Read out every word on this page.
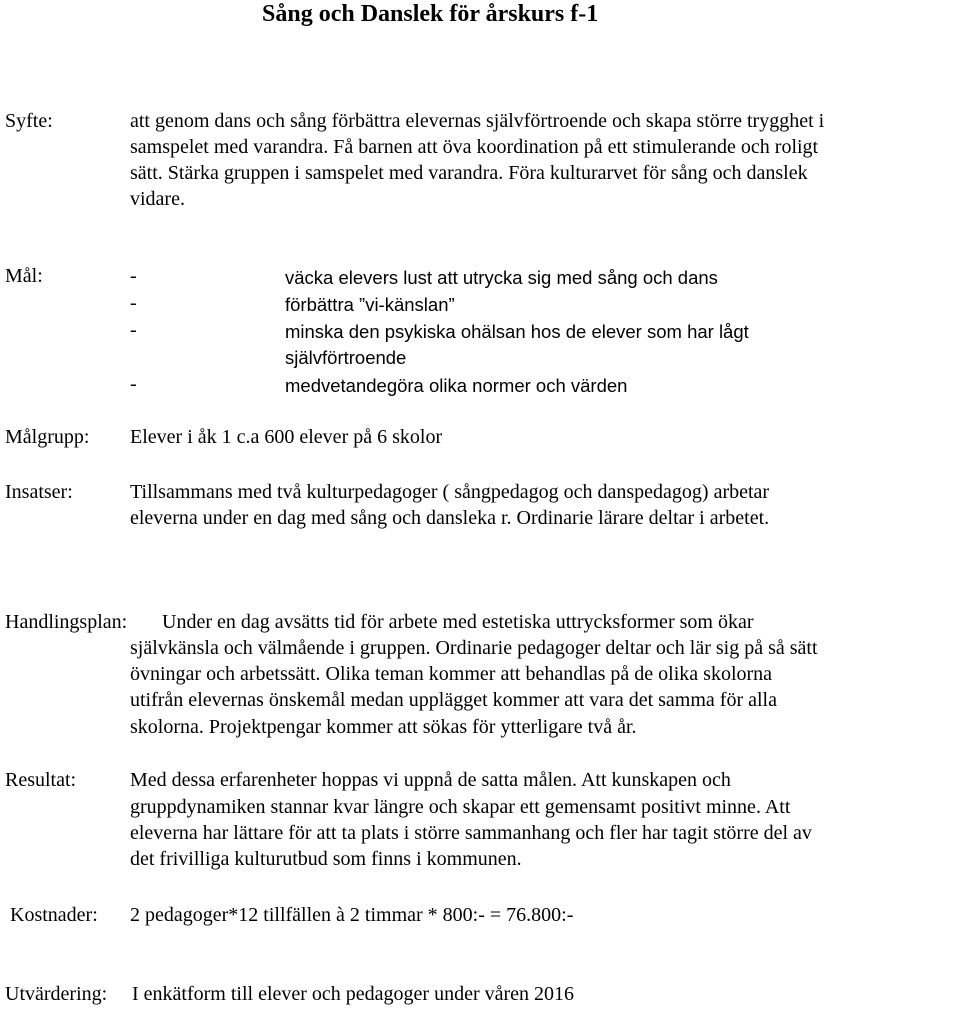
Sång och Danslek för årskurs f-1
Syfte:	att genom dans och sång förbättra elevernas självförtroende och skapa större trygghet i
samspelet med varandra. Få barnen att öva koordination på ett stimulerande och roligt
sätt. Stärka gruppen i samspelet med varandra. Föra kulturarvet för sång och danslek
vidare.
Mål:	-	väcka elevers lust att utrycka sig med sång och dans
-	förbättra ”vi-känslan”
-	minska den psykiska ohälsan hos de elever som har lågt
självförtroende
-	medvetandegöra olika normer och värden
Målgrupp: Elever i åk 1 c.a 600 elever på 6 skolor
Insatser:	Tillsammans med två kulturpedagoger ( sångpedagog och danspedagog) arbetar
eleverna under en dag med sång och dansleka r. Ordinarie lärare deltar i arbetet.
Handlingsplan: Under en dag avsätts tid för arbete med estetiska uttrycksformer som ökar
självkänsla och välmående i gruppen. Ordinarie pedagoger deltar och lär sig på så sätt
övningar och arbetssätt. Olika teman kommer att behandlas på de olika skolorna
utifrån elevernas önskemål medan upplägget kommer att vara det samma för alla
skolorna. Projektpengar kommer att sökas för ytterligare två år.
Resultat:	Med dessa erfarenheter hoppas vi uppnå de satta målen. Att kunskapen och
gruppdynamiken stannar kvar längre och skapar ett gemensamt positivt minne. Att
eleverna har lättare för att ta plats i större sammanhang och fler har tagit större del av
det frivilliga kulturutbud som finns i kommunen.
Kostnader: 2 pedagoger*12 tillfällen à 2 timmar * 800:- = 76.800:-
Utvärdering: I enkätform till elever och pedagoger under våren 2016
